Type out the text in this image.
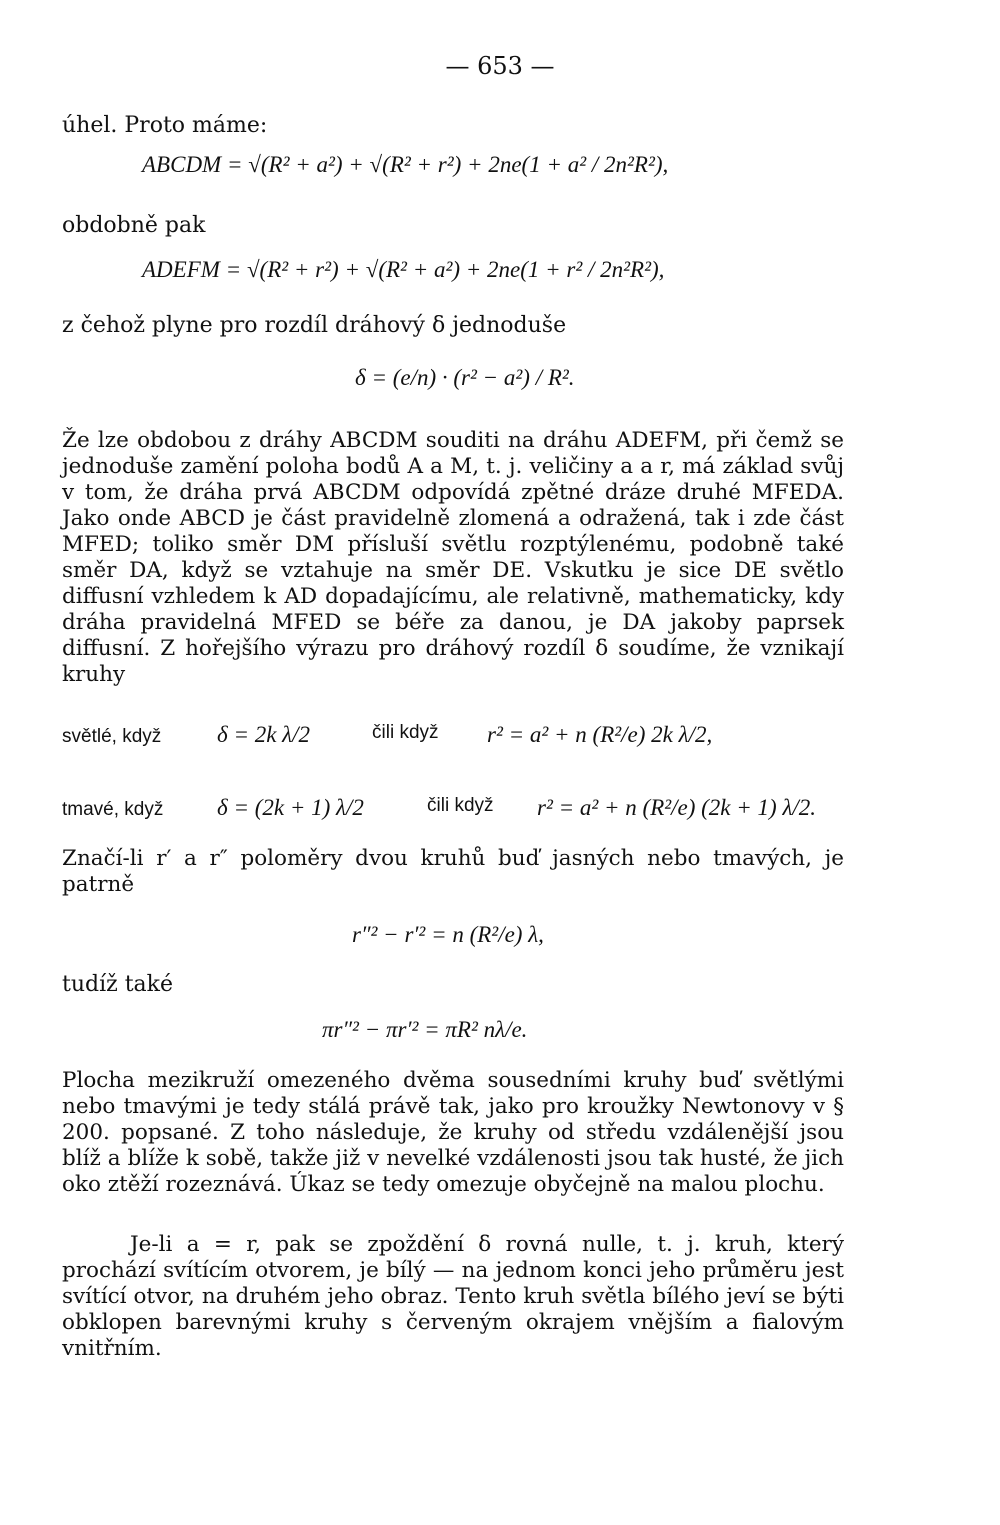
— 653 —
úhel. Proto máme:
ABCDM = √(R² + a²) + √(R² + r²) + 2ne(1 + a² / 2n²R²),
obdobně pak
ADEFM = √(R² + r²) + √(R² + a²) + 2ne(1 + r² / 2n²R²),
z čehož plyne pro rozdíl dráhový δ jednoduše
δ = (e/n) · (r² − a²) / R².
Že lze obdobou z dráhy ABCDM souditi na dráhu ADEFM, při čemž se jednoduše zamění poloha bodů A a M, t. j. veličiny a a r, má základ svůj v tom, že dráha prvá ABCDM odpovídá zpětné dráze druhé MFEDA. Jako onde ABCD je část pravidelně zlomená a odražená, tak i zde část MFED; toliko směr DM přísluší světlu rozptýlenému, podobně také směr DA, když se vztahuje na směr DE. Vskutku je sice DE světlo diffusní vzhledem k AD dopadajícímu, ale relativně, mathematicky, kdy dráha pravidelná MFED se béře za danou, je DA jakoby paprsek diffusní. Z hořejšího výrazu pro dráhový rozdíl δ soudíme, že vznikají kruhy
světlé, když δ = 2k λ/2	čili když r² = a² + n (R²/e) 2k λ/2,
tmavé, když δ = (2k + 1) λ/2	čili když r² = a² + n (R²/e) (2k + 1) λ/2.
Značí-li r′ a r″ poloměry dvou kruhů buď jasných nebo tmavých, je patrně
r″² − r′² = n (R²/e) λ,
tudíž také
πr″² − πr′² = πR² nλ/e.
Plocha mezikruží omezeného dvěma sousedními kruhy buď světlými nebo tmavými je tedy stálá právě tak, jako pro kroužky Newtonovy v § 200. popsané. Z toho následuje, že kruhy od středu vzdálenější jsou blíž a blíže k sobě, takže již v nevelké vzdálenosti jsou tak husté, že jich oko ztěží rozeznává. Úkaz se tedy omezuje obyčejně na malou plochu.
Je-li a = r, pak se zpoždění δ rovná nulle, t. j. kruh, který prochází svítícím otvorem, je bílý — na jednom konci jeho průměru jest svítící otvor, na druhém jeho obraz. Tento kruh světla bílého jeví se býti obklopen barevnými kruhy s červeným okrajem vnějším a fialovým vnitřním.
